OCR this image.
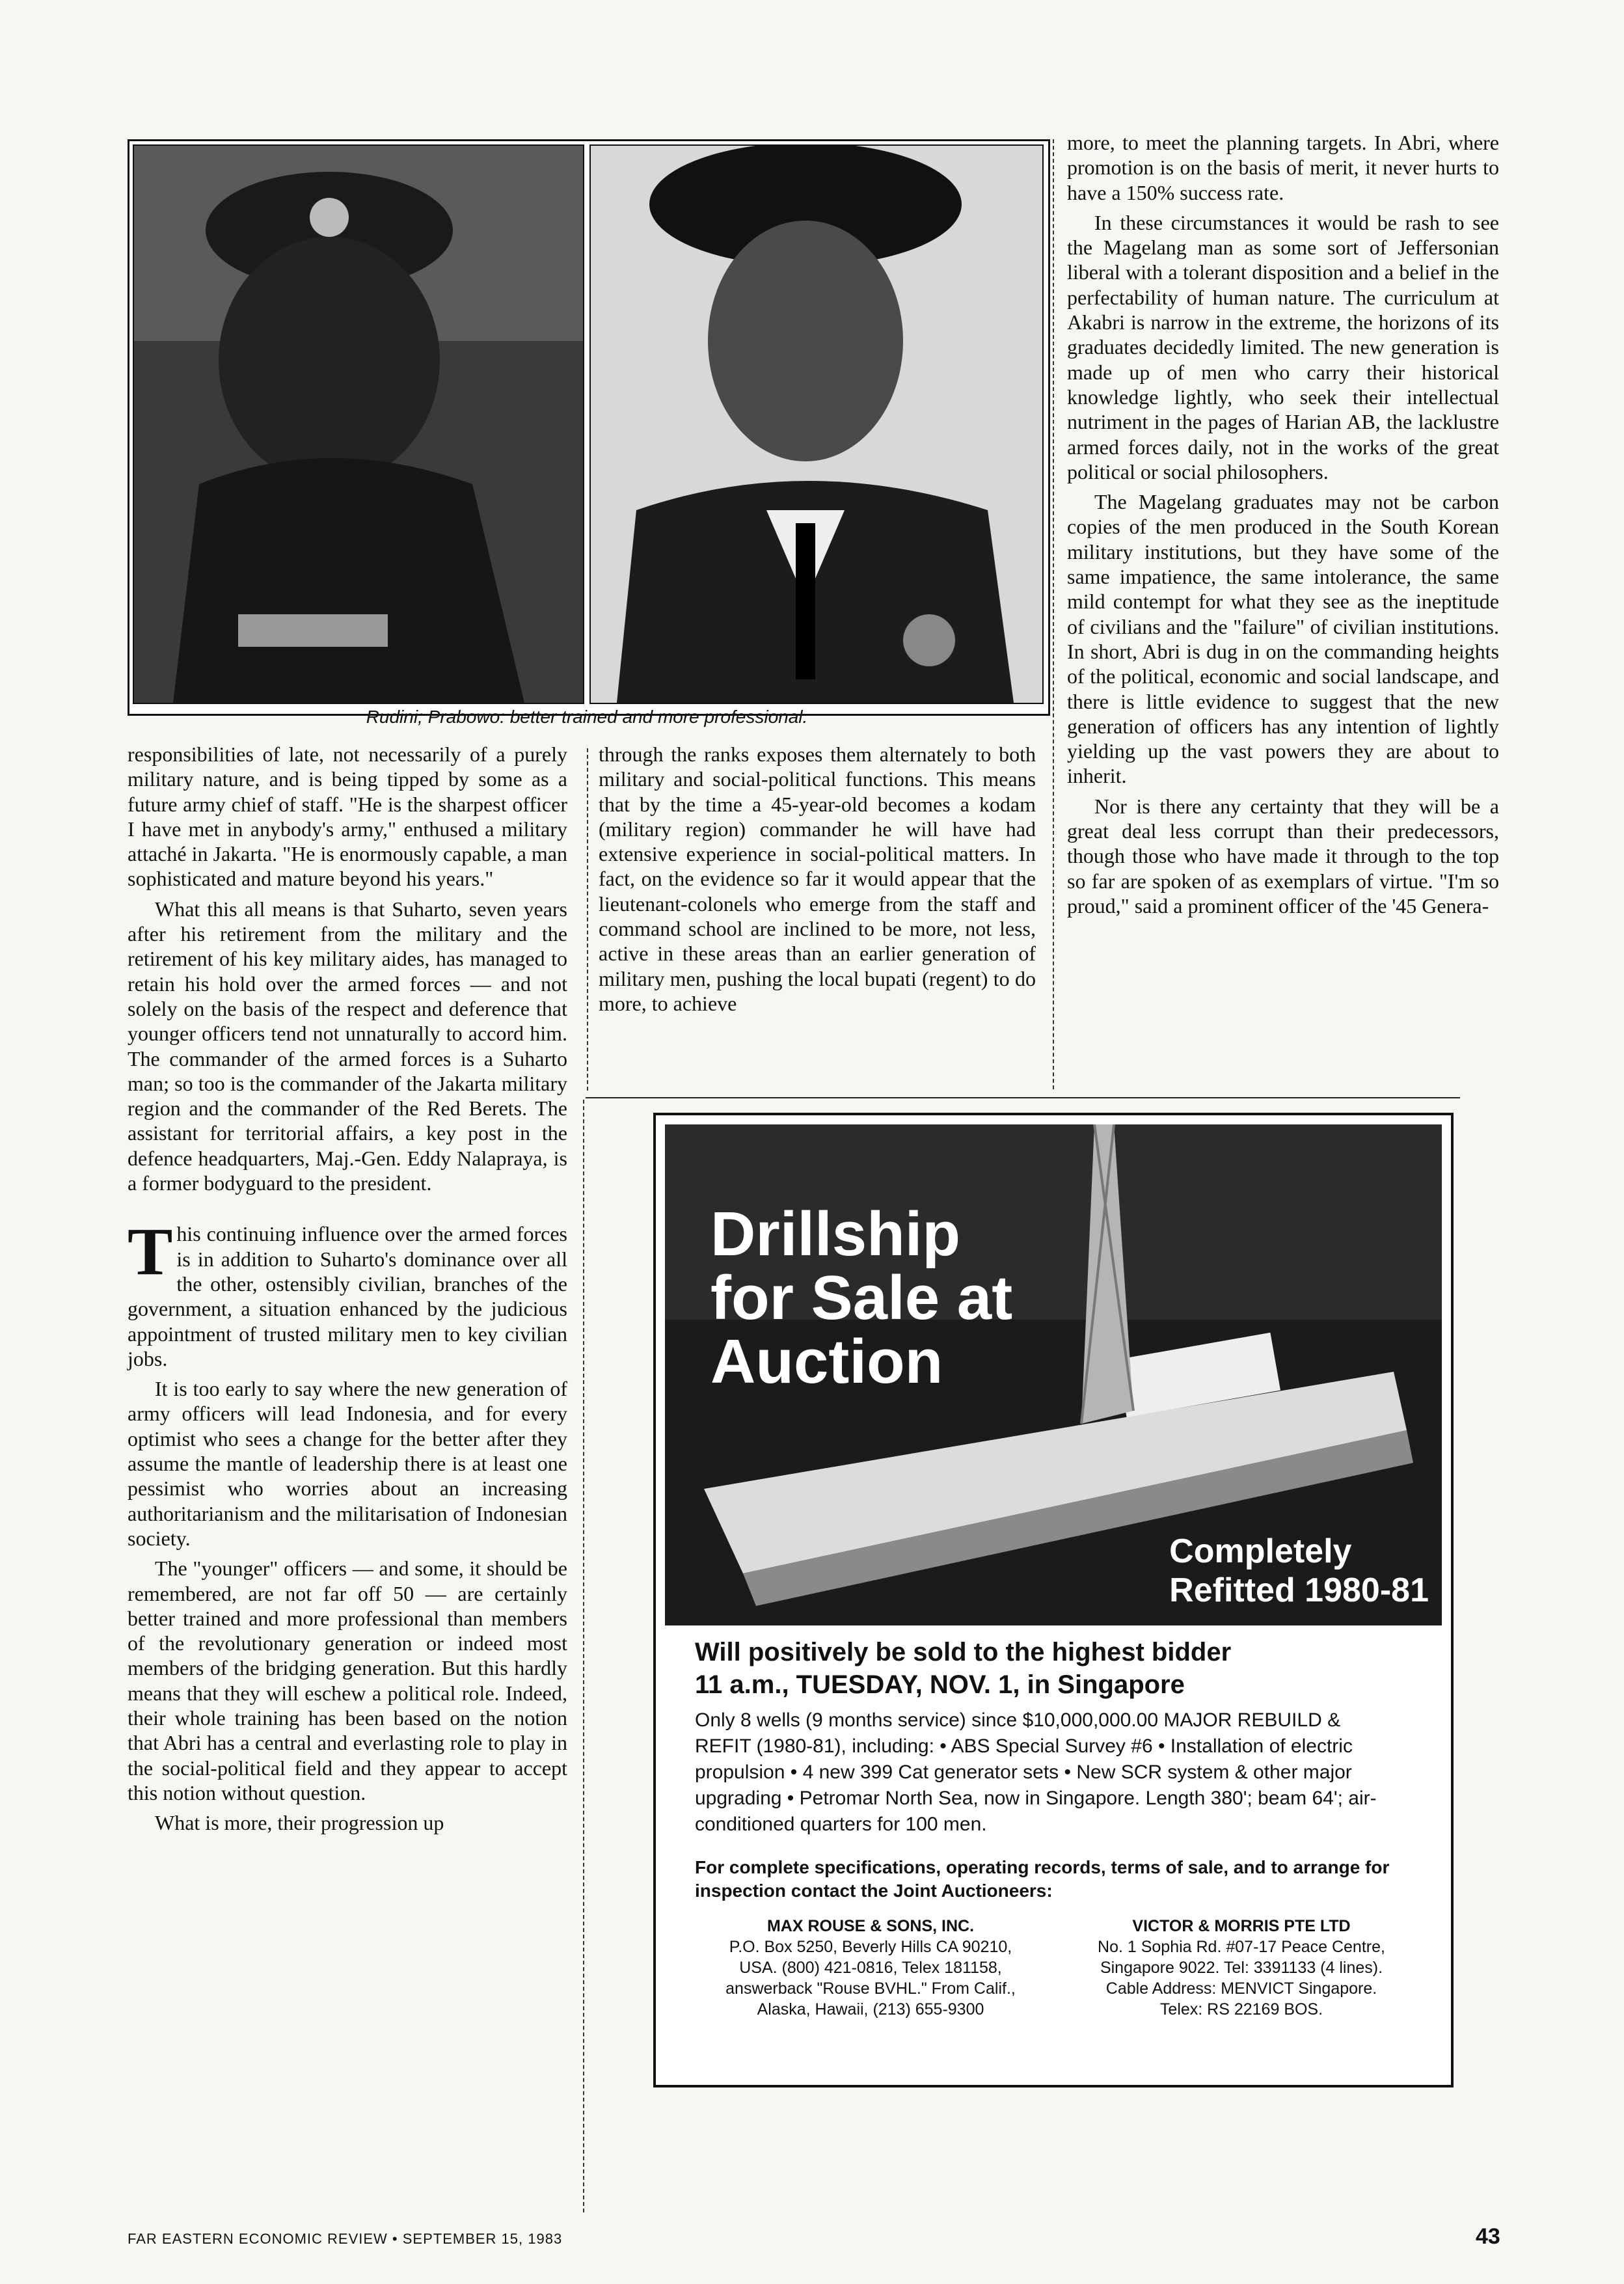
Rudini; Prabowo: better trained and more professional.

responsibilities of late, not necessarily of a purely military nature, and is being tipped by some as a future army chief of staff. "He is the sharpest officer I have met in anybody's army," enthused a military attaché in Jakarta. "He is enormously capable, a man sophisticated and mature beyond his years."

What this all means is that Suharto, seven years after his retirement from the military and the retirement of his key military aides, has managed to retain his hold over the armed forces — and not solely on the basis of the respect and deference that younger officers tend not unnaturally to accord him. The commander of the armed forces is a Suharto man; so too is the commander of the Jakarta military region and the commander of the Red Berets. The assistant for territorial affairs, a key post in the defence headquarters, Maj.-Gen. Eddy Nalapraya, is a former bodyguard to the president.

This continuing influence over the armed forces is in addition to Suharto's dominance over all the other, ostensibly civilian, branches of the government, a situation enhanced by the judicious appointment of trusted military men to key civilian jobs.

It is too early to say where the new generation of army officers will lead Indonesia, and for every optimist who sees a change for the better after they assume the mantle of leadership there is at least one pessimist who worries about an increasing authoritarianism and the militarisation of Indonesian society.

The "younger" officers — and some, it should be remembered, are not far off 50 — are certainly better trained and more professional than members of the revolutionary generation or indeed most members of the bridging generation. But this hardly means that they will eschew a political role. Indeed, their whole training has been based on the notion that Abri has a central and everlasting role to play in the social-political field and they appear to accept this notion without question.

What is more, their progression up

through the ranks exposes them alternately to both military and social-political functions. This means that by the time a 45-year-old becomes a kodam (military region) commander he will have had extensive experience in social-political matters. In fact, on the evidence so far it would appear that the lieutenant-colonels who emerge from the staff and command school are inclined to be more, not less, active in these areas than an earlier generation of military men, pushing the local bupati (regent) to do more, to achieve

more, to meet the planning targets. In Abri, where promotion is on the basis of merit, it never hurts to have a 150% success rate.

In these circumstances it would be rash to see the Magelang man as some sort of Jeffersonian liberal with a tolerant disposition and a belief in the perfectability of human nature. The curriculum at Akabri is narrow in the extreme, the horizons of its graduates decidedly limited. The new generation is made up of men who carry their historical knowledge lightly, who seek their intellectual nutriment in the pages of Harian AB, the lacklustre armed forces daily, not in the works of the great political or social philosophers.

The Magelang graduates may not be carbon copies of the men produced in the South Korean military institutions, but they have some of the same impatience, the same intolerance, the same mild contempt for what they see as the ineptitude of civilians and the "failure" of civilian institutions. In short, Abri is dug in on the commanding heights of the political, economic and social landscape, and there is little evidence to suggest that the new generation of officers has any intention of lightly yielding up the vast powers they are about to inherit.

Nor is there any certainty that they will be a great deal less corrupt than their predecessors, though those who have made it through to the top so far are spoken of as exemplars of virtue. "I'm so proud," said a prominent officer of the '45 Genera-

Drillship
for Sale at
Auction
Completely
Refitted 1980-81
Will positively be sold to the highest bidder
11 a.m., TUESDAY, NOV. 1, in Singapore
Only 8 wells (9 months service) since $10,000,000.00 MAJOR REBUILD & REFIT (1980-81), including: • ABS Special Survey #6 • Installation of electric propulsion • 4 new 399 Cat generator sets • New SCR system & other major upgrading • Petromar North Sea, now in Singapore. Length 380'; beam 64'; air-conditioned quarters for 100 men.
For complete specifications, operating records, terms of sale, and to arrange for inspection contact the Joint Auctioneers:
MAX ROUSE & SONS, INC.
P.O. Box 5250, Beverly Hills CA 90210,
USA. (800) 421-0816, Telex 181158,
answerback "Rouse BVHL." From Calif.,
Alaska, Hawaii, (213) 655-9300
VICTOR & MORRIS PTE LTD
No. 1 Sophia Rd. #07-17 Peace Centre,
Singapore 9022. Tel: 3391133 (4 lines).
Cable Address: MENVICT Singapore.
Telex: RS 22169 BOS.
FAR EASTERN ECONOMIC REVIEW • SEPTEMBER 15, 1983	43
